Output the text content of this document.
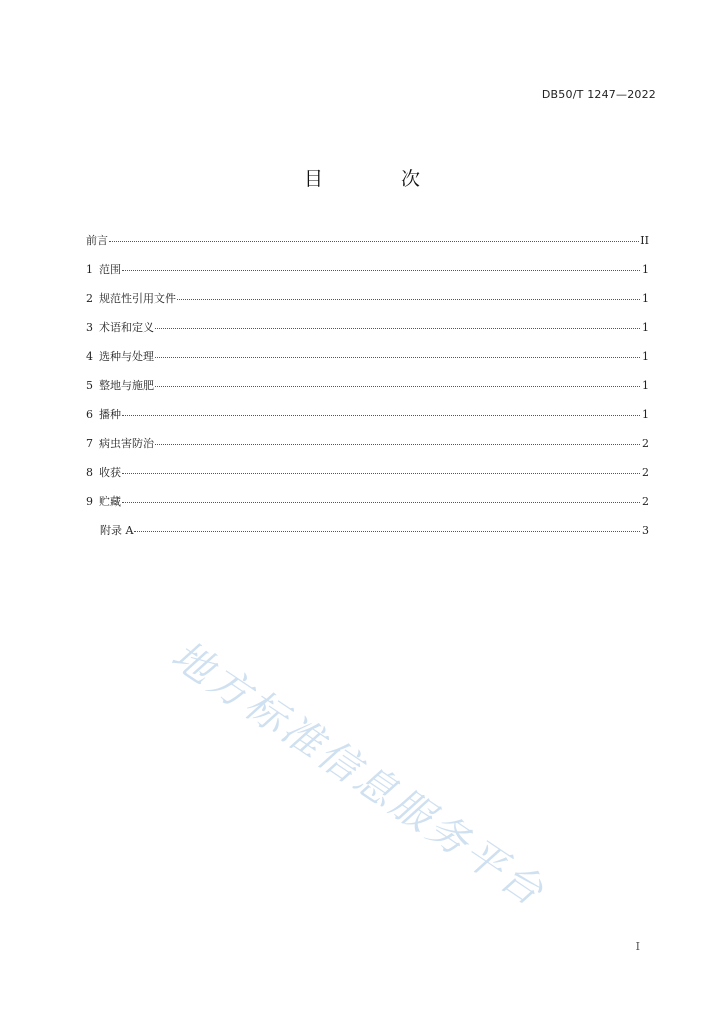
DB50/T 1247—2022
目 次
前言	II
1 范围	1
2 规范性引用文件	1
3 术语和定义	1
4 选种与处理	1
5 整地与施肥	1
6 播种	1
7 病虫害防治	2
8 收获	2
9 贮藏	2
附录 A	3
地方标准信息服务平台
I
